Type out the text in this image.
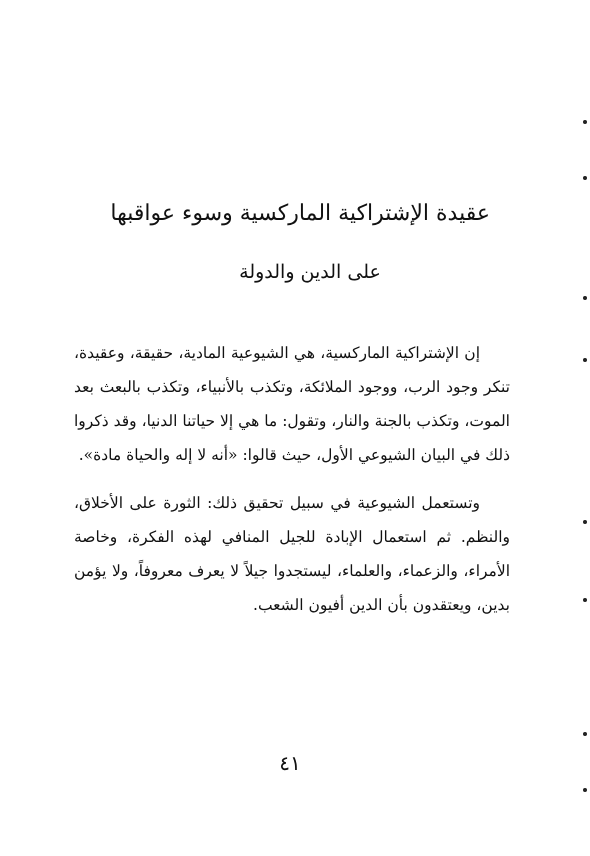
عقيدة الإشتراكية الماركسية وسوء عواقبها
على الدين والدولة

إن الإشتراكية الماركسية، هي الشيوعية المادية، حقيقة، وعقيدة، تنكر وجود الرب، ووجود الملائكة، وتكذب بالأنبياء، وتكذب بالبعث بعد الموت، وتكذب بالجنة والنار، وتقول: ما هي إلا حياتنا الدنيا، وقد ذكروا ذلك في البيان الشيوعي الأول، حيث قالوا: «أنه لا إله والحياة مادة».

وتستعمل الشيوعية في سبيل تحقيق ذلك: الثورة على الأخلاق، والنظم. ثم استعمال الإبادة للجيل المنافي لهذه الفكرة، وخاصة الأمراء، والزعماء، والعلماء، ليستجدوا جيلاً لا يعرف معروفاً، ولا يؤمن بدين، ويعتقدون بأن الدين أفيون الشعب.

٤١
